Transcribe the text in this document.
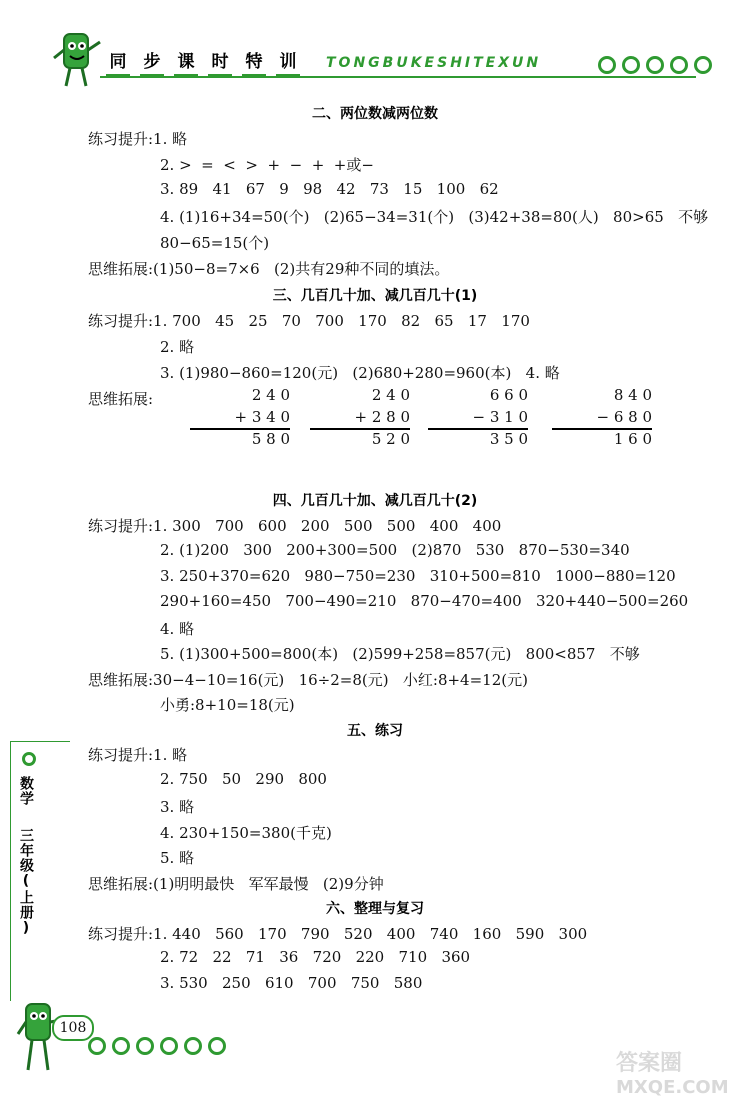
同 步 课 时 特 训 TONGBUKESHITEXUN
二、两位数减两位数
练习提升:1. 略
2. >  =  <  >  +  −  +  +或−
3. 89   41   67   9   98   42   73   15   100   62
4. (1)16+34=50(个)   (2)65−34=31(个)   (3)42+38=80(人)   80>65   不够
80−65=15(个)
思维拓展:(1)50−8=7×6   (2)共有29种不同的填法。
三、几百几十加、减几百几十(1)
练习提升:1. 700   45   25   70   700   170   82   65   17   170
2. 略
3. (1)980−860=120(元)   (2)680+280=960(本)   4. 略
思维拓展:	2 4 0
+ 3 4 0
5 8 0
2 4 0
+ 2 8 0
5 2 0
6 6 0
− 3 1 0
3 5 0
8 4 0
− 6 8 0
1 6 0
四、几百几十加、减几百几十(2)
练习提升:1. 300   700   600   200   500   500   400   400
2. (1)200   300   200+300=500   (2)870   530   870−530=340
3. 250+370=620   980−750=230   310+500=810   1000−880=120
290+160=450   700−490=210   870−470=400   320+440−500=260
4. 略
5. (1)300+500=800(本)   (2)599+258=857(元)   800<857   不够
思维拓展:30−4−10=16(元)   16÷2=8(元)   小红:8+4=12(元)
小勇:8+10=18(元)
五、练习
练习提升:1. 略
2. 750   50   290   800
3. 略
4. 230+150=380(千克)
5. 略
思维拓展:(1)明明最快   军军最慢   (2)9分钟
六、整理与复习
练习提升:1. 440   560   170   790   520   400   740   160   590   300
2. 72   22   71   36   720   220   710   360
3. 530   250   610   700   750   580
数学
三年级(上册)
108
答案圈
MXQE.COM
